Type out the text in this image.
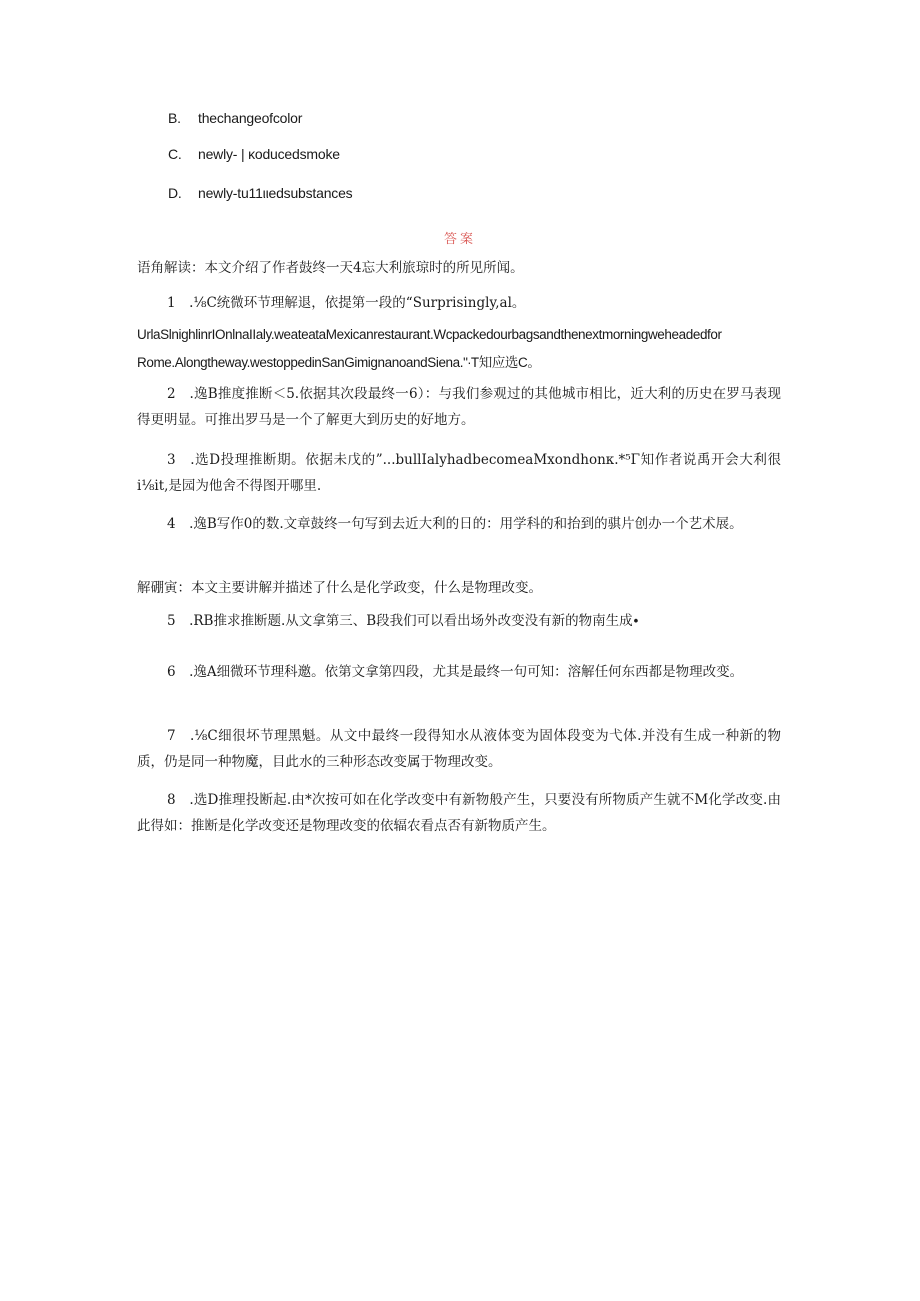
B. thechangeofcolor
C. newly- | κoducedsmoke
D. newly-tu11ιιedsubstances
答案
语角解读：本文介绍了作者鼓终一天4忘大利旅琼时的所见所闻。
1　.⅛C统微环节理解退，依提第一段的“Surprisingly,al。
UrlaSlnighlinrIOnlnaIIaly.weateataMexicanrestaurant.Wcpackedourbagsandthenextmorningweheadedfor
Rome.Alongtheway.westoppedinSanGimignanoandSiena."∙T知应选C。
2　.逸B推度推断＜5.依据其次段最终一6）：与我们参观过的其他城市相比，近大利的历史在罗马表现得更明显。可推出罗马是一个了解更大到历史的好地方。
3　.选D投理推断期。依据未戊的”...bullIalyhadbecomeaMxondhonκ.*⁵Γ知作者说禹开会大利很i⅛it,是园为他舍不得图开哪里.
4　.逸B写作0的数.文章鼓终一句写到去近大利的日的：用学科的和抬到的骐片创办一个艺术展。
解硼寅：本文主要讲解并描述了什么是化学政变，什么是物理改变。
5　.RB推求推断题.从文拿第三、B段我们可以看出场外改变没有新的物南生成∙
6　.逸A细微环节理科邀。依第文拿第四段，尤其是最终一句可知：溶解任何东西都是物理改变。
7　.⅛C细很坏节理黑魁。从文中最终一段得知水从液体变为固体段变为弋体.并没有生成一种新的物质，仍是同一种物魔，目此水的三种形态改变属于物理改变。
8　.选D推理投断起.由*次按可如在化学改变中有新物般产生，只要没有所物质产生就不M化学改变.由此得如：推断是化学改变还是物理改变的依辐农看点否有新物质产生。
